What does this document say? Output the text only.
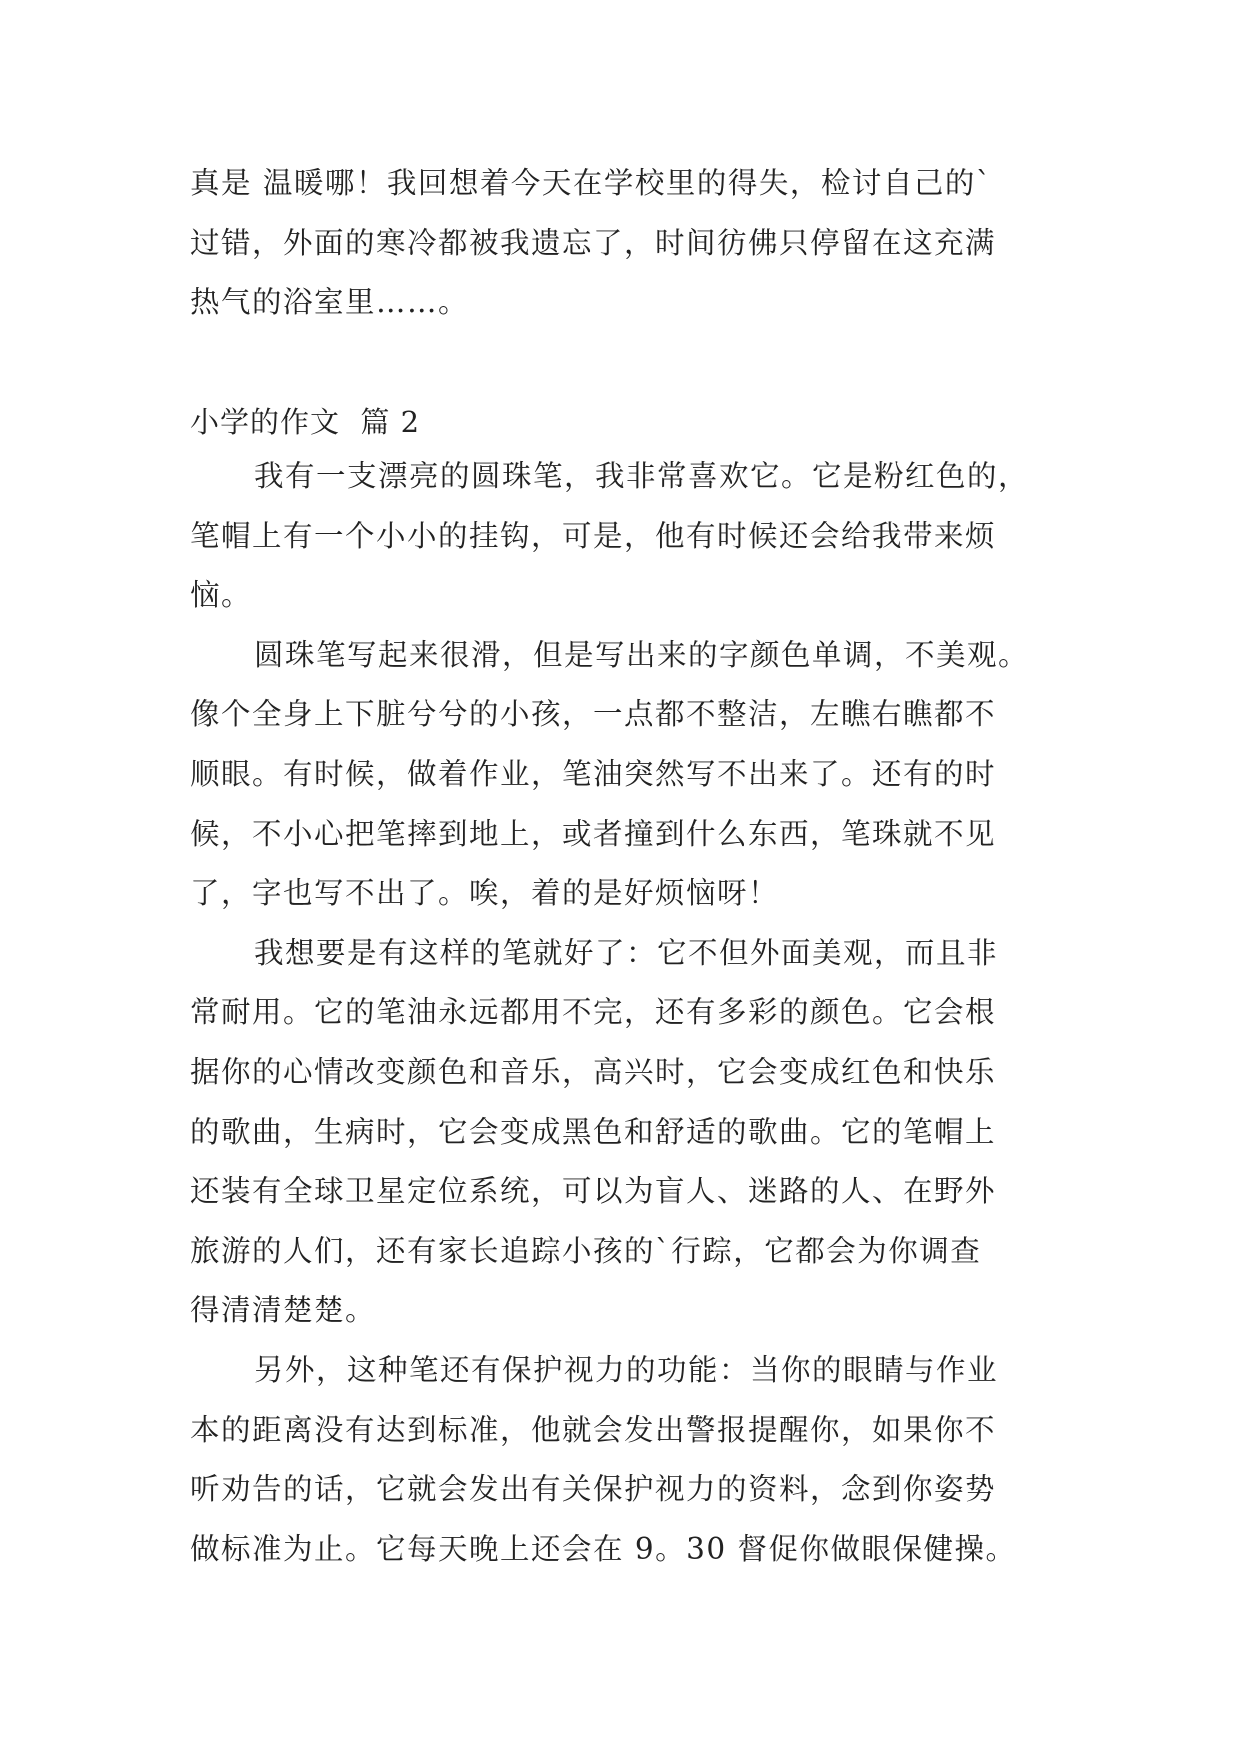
真是 温暖哪！我回想着今天在学校里的得失，检讨自己的`
过错，外面的寒冷都被我遗忘了，时间彷佛只停留在这充满
热气的浴室里……。
小学的作文  篇 2
我有一支漂亮的圆珠笔，我非常喜欢它。它是粉红色的，
笔帽上有一个小小的挂钩，可是，他有时候还会给我带来烦
恼。
圆珠笔写起来很滑，但是写出来的字颜色单调，不美观。
像个全身上下脏兮兮的小孩，一点都不整洁，左瞧右瞧都不
顺眼。有时候，做着作业，笔油突然写不出来了。还有的时
候，不小心把笔摔到地上，或者撞到什么东西，笔珠就不见
了，字也写不出了。唉，着的是好烦恼呀！
我想要是有这样的笔就好了：它不但外面美观，而且非
常耐用。它的笔油永远都用不完，还有多彩的颜色。它会根
据你的心情改变颜色和音乐，高兴时，它会变成红色和快乐
的歌曲，生病时，它会变成黑色和舒适的歌曲。它的笔帽上
还装有全球卫星定位系统，可以为盲人、迷路的人、在野外
旅游的人们，还有家长追踪小孩的`行踪，它都会为你调查
得清清楚楚。
另外，这种笔还有保护视力的功能：当你的眼睛与作业
本的距离没有达到标准，他就会发出警报提醒你，如果你不
听劝告的话，它就会发出有关保护视力的资料，念到你姿势
做标准为止。它每天晚上还会在 9。30 督促你做眼保健操。
